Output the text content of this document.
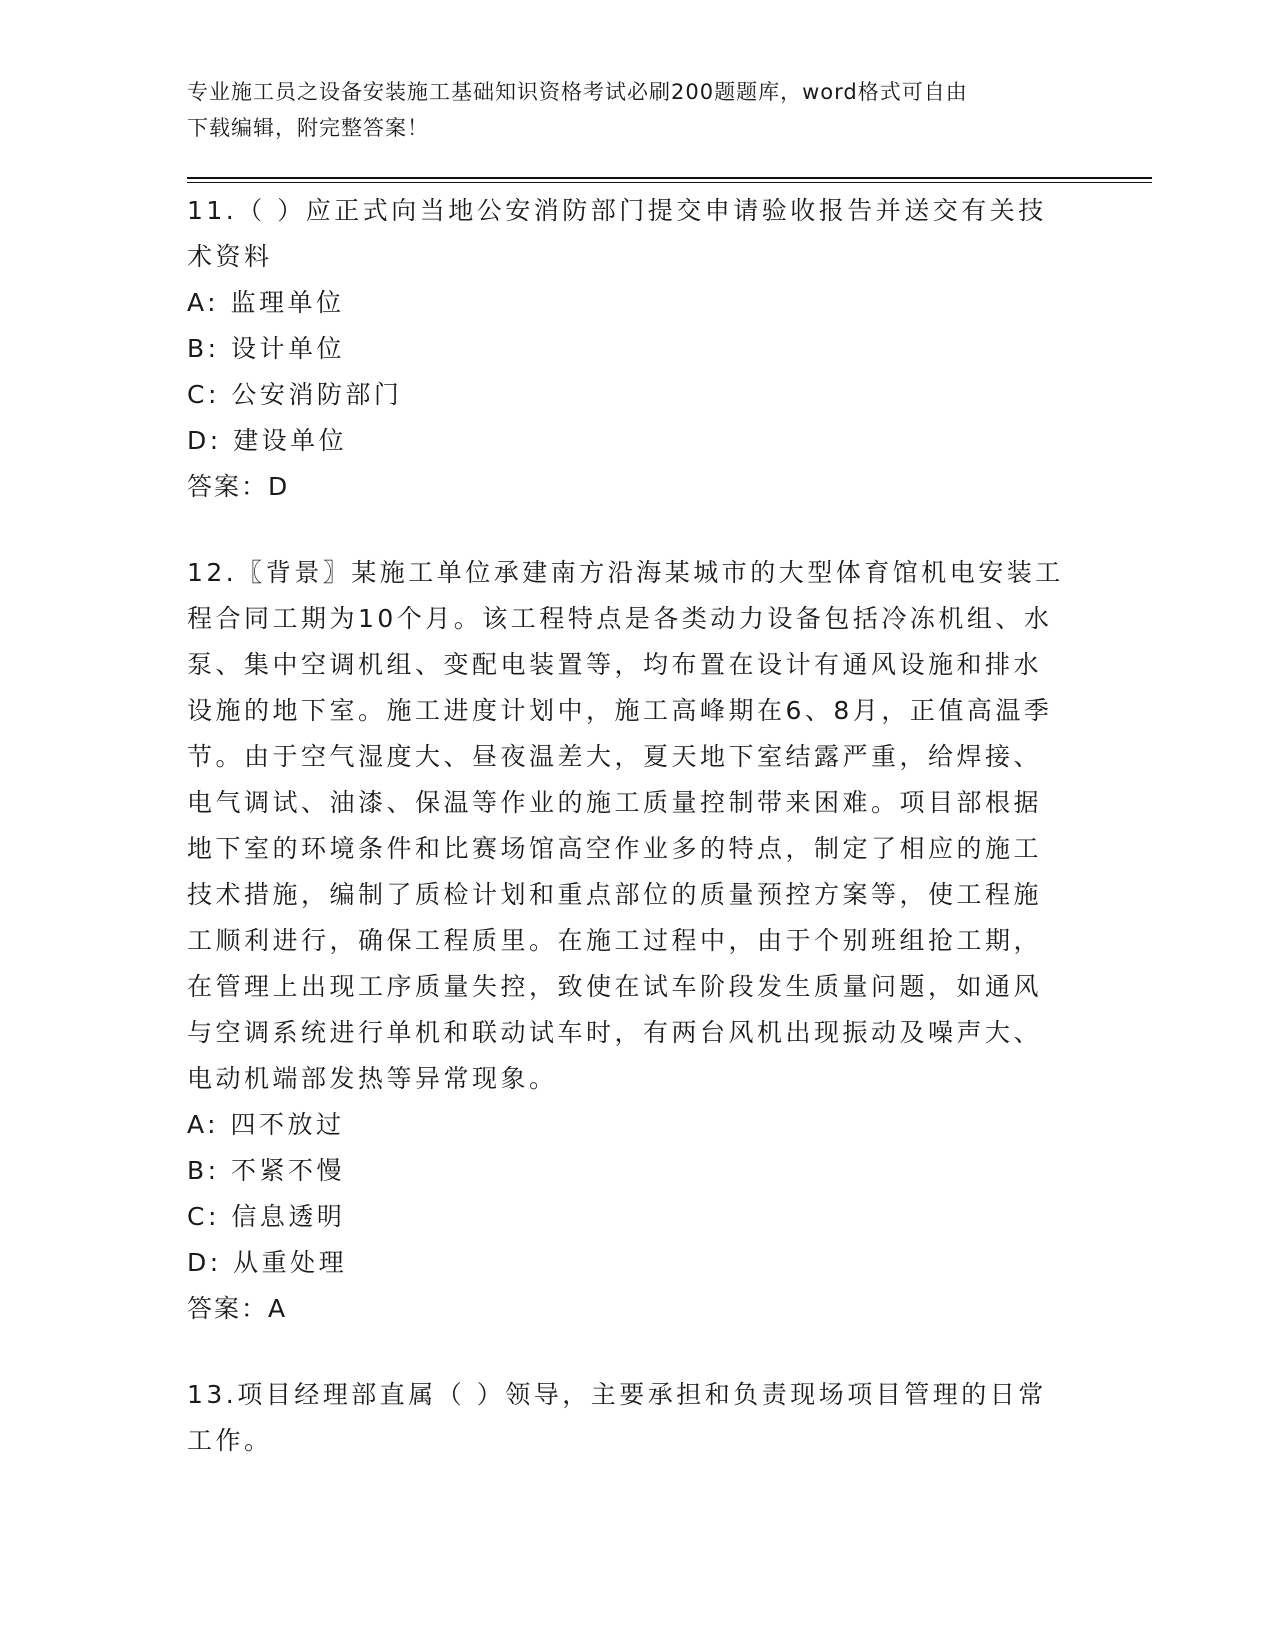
专业施工员之设备安装施工基础知识资格考试必刷200题题库，word格式可自由
下载编辑，附完整答案！

11.（ ）应正式向当地公安消防部门提交申请验收报告并送交有关技术资料

A: 监理单位

B: 设计单位

C: 公安消防部门

D: 建设单位

答案：D

12.〖背景〗某施工单位承建南方沿海某城市的大型体育馆机电安装工程合同工期为10个月。该工程特点是各类动力设备包括冷冻机组、水泵、集中空调机组、变配电装置等，均布置在设计有通风设施和排水设施的地下室。施工进度计划中，施工高峰期在6、8月，正值高温季节。由于空气湿度大、昼夜温差大，夏天地下室结露严重，给焊接、电气调试、油漆、保温等作业的施工质量控制带来困难。项目部根据地下室的环境条件和比赛场馆高空作业多的特点，制定了相应的施工技术措施，编制了质检计划和重点部位的质量预控方案等，使工程施工顺利进行，确保工程质里。在施工过程中，由于个别班组抢工期，在管理上出现工序质量失控，致使在试车阶段发生质量问题，如通风与空调系统进行单机和联动试车时，有两台风机出现振动及噪声大、电动机端部发热等异常现象。

A: 四不放过

B: 不紧不慢

C: 信息透明

D: 从重处理

答案：A

13.项目经理部直属（ ）领导，主要承担和负责现场项目管理的日常工作。
